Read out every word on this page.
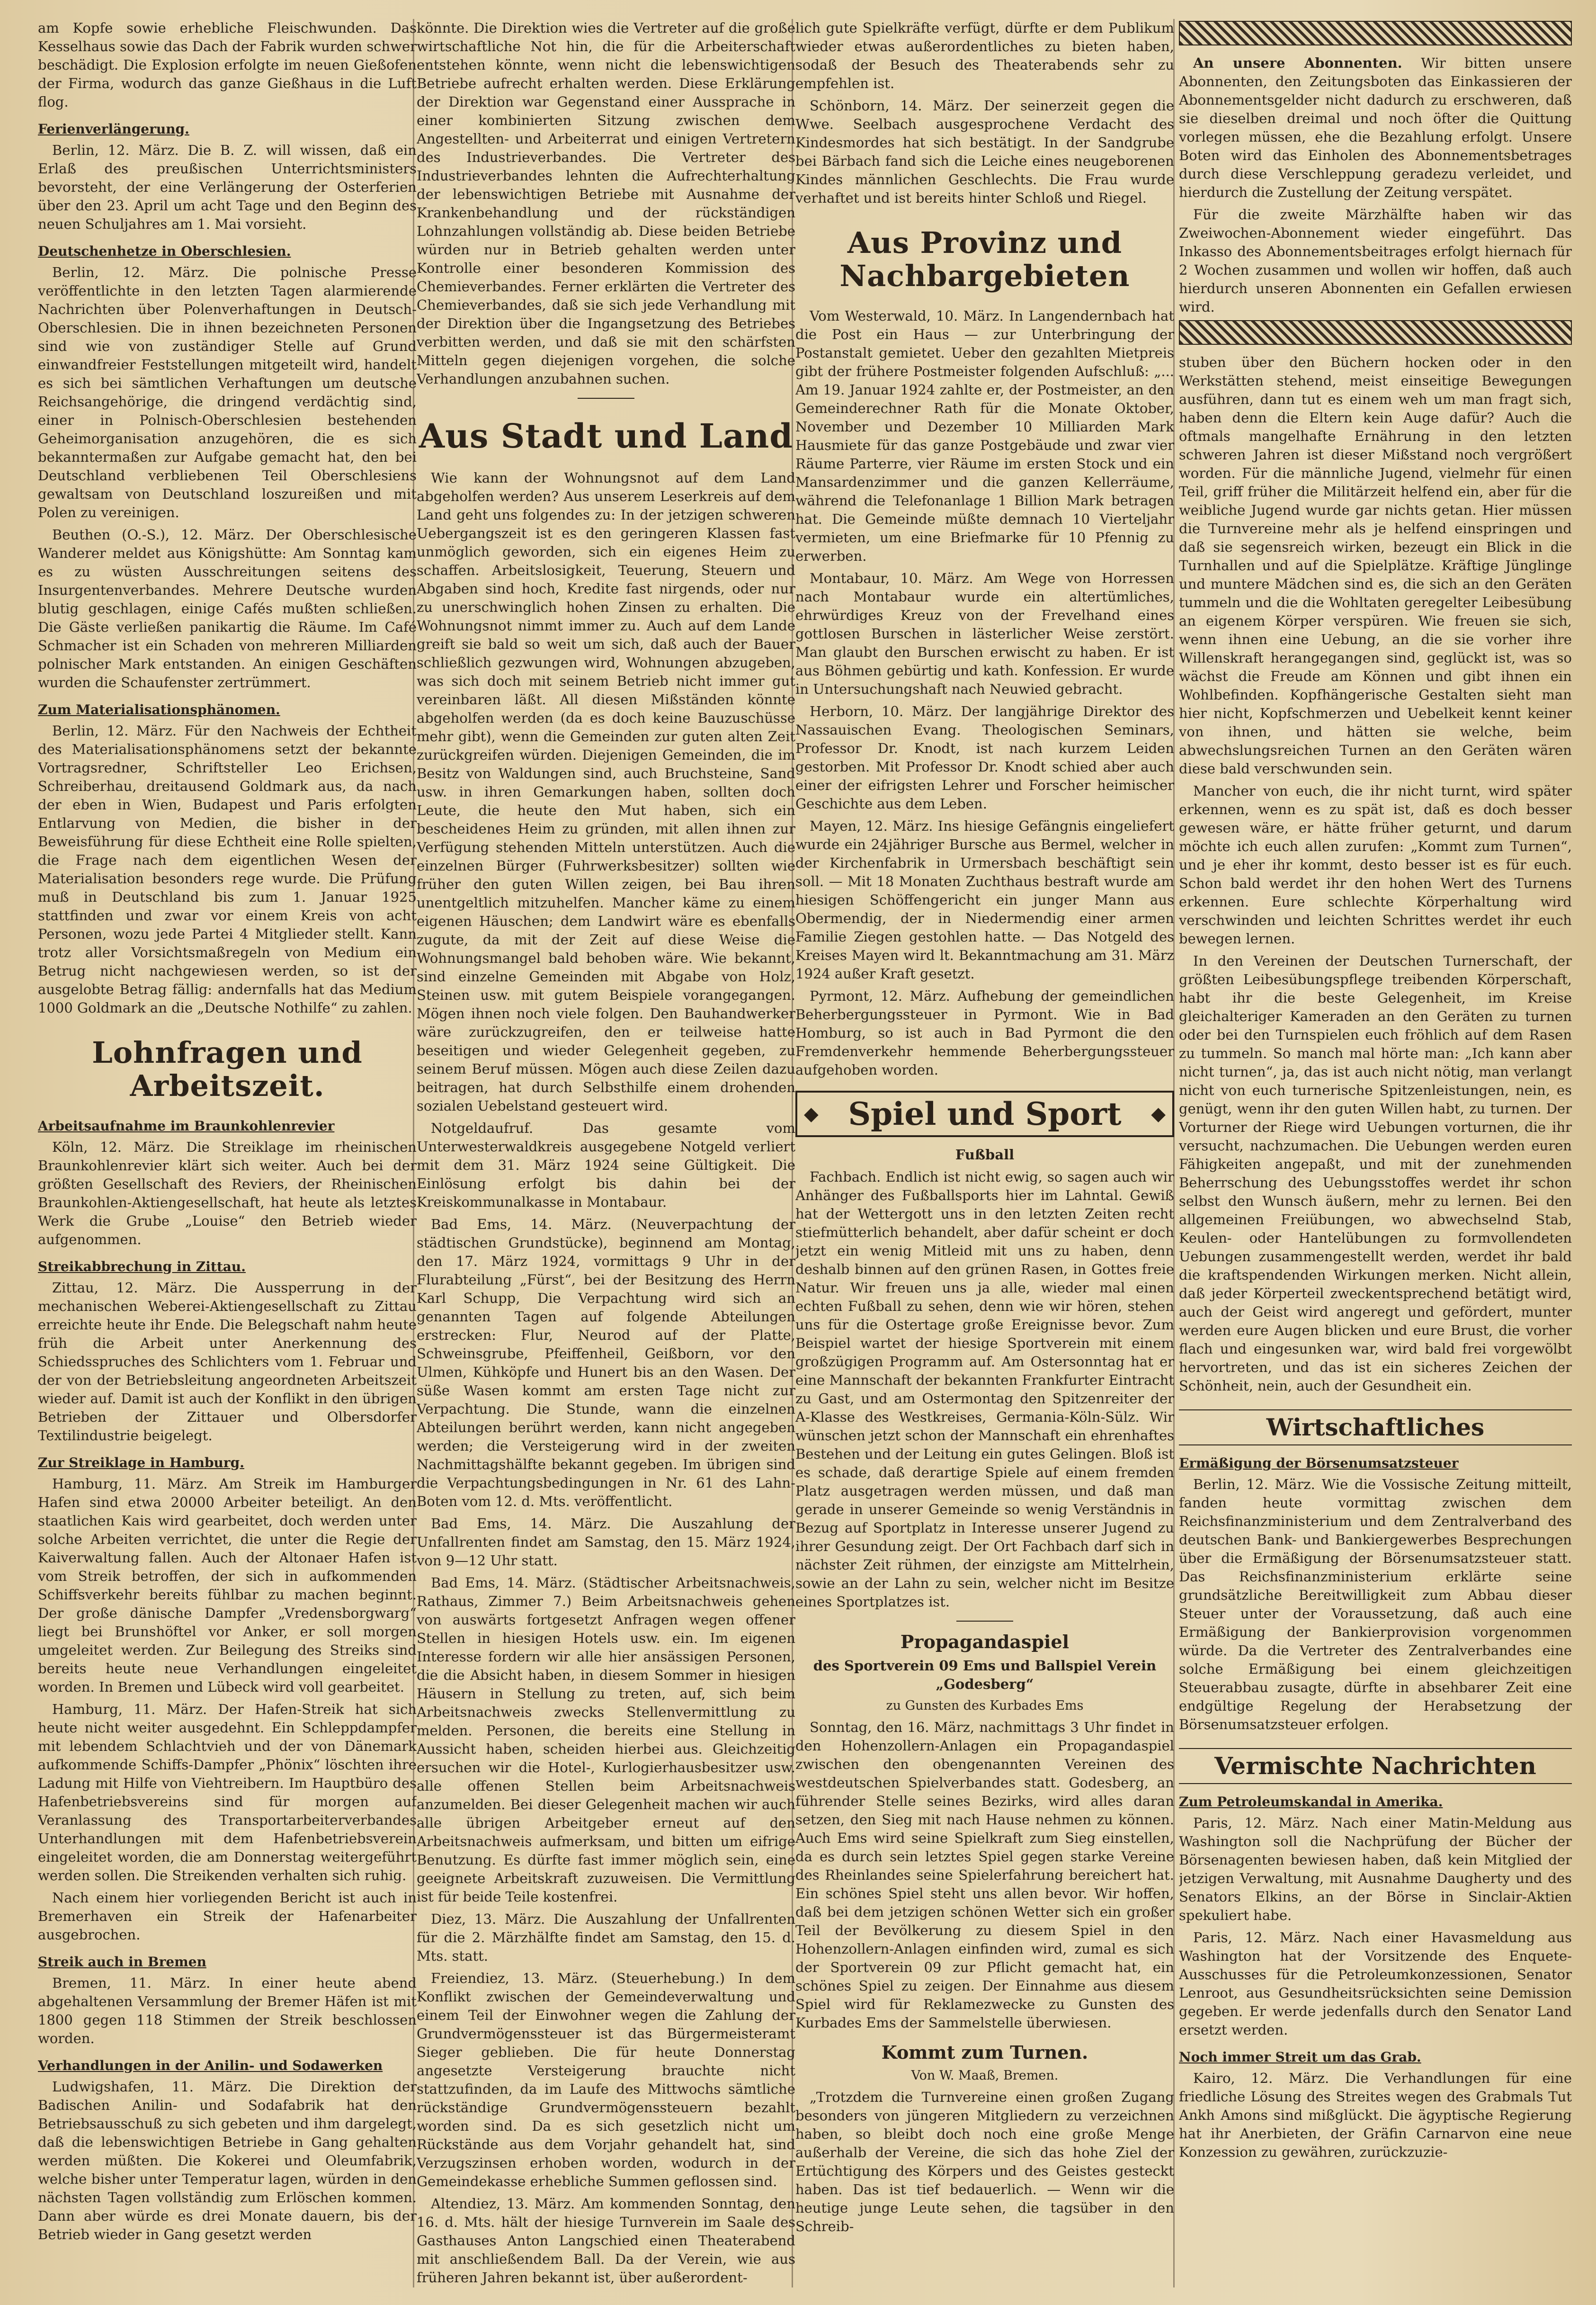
am Kopfe sowie erhebliche Fleischwunden. Das Kesselhaus sowie das Dach der Fabrik wurden schwer beschädigt. Die Explosion erfolgte im neuen Gießofen der Firma, wodurch das ganze Gießhaus in die Luft flog.

Ferienverlängerung.

Berlin, 12. März. Die B. Z. will wissen, daß ein Erlaß des preußischen Unterrichtsministers bevorsteht, der eine Verlängerung der Osterferien über den 23. April um acht Tage und den Beginn des neuen Schuljahres am 1. Mai vorsieht.

Deutschenhetze in Oberschlesien.

Berlin, 12. März. Die polnische Presse veröffentlichte in den letzten Tagen alarmierende Nachrichten über Polenverhaftungen in Deutsch-Oberschlesien. Die in ihnen bezeichneten Personen sind wie von zuständiger Stelle auf Grund einwandfreier Feststellungen mitgeteilt wird, handelt es sich bei sämtlichen Verhaftungen um deutsche Reichsangehörige, die dringend verdächtig sind, einer in Polnisch-Oberschlesien bestehenden Geheimorganisation anzugehören, die es sich bekanntermaßen zur Aufgabe gemacht hat, den bei Deutschland verbliebenen Teil Oberschlesiens gewaltsam von Deutschland loszureißen und mit Polen zu vereinigen.

Beuthen (O.-S.), 12. März. Der Oberschlesische Wanderer meldet aus Königshütte: Am Sonntag kam es zu wüsten Ausschreitungen seitens des Insurgentenverbandes. Mehrere Deutsche wurden blutig geschlagen, einige Cafés mußten schließen. Die Gäste verließen panikartig die Räume. Im Café Schmacher ist ein Schaden von mehreren Milliarden polnischer Mark entstanden. An einigen Geschäften wurden die Schaufenster zertrümmert.

Zum Materialisationsphänomen.

Berlin, 12. März. Für den Nachweis der Echtheit des Materialisationsphänomens setzt der bekannte Vortragsredner, Schriftsteller Leo Erichsen, Schreiberhau, dreitausend Goldmark aus, da nach der eben in Wien, Budapest und Paris erfolgten Entlarvung von Medien, die bisher in der Beweisführung für diese Echtheit eine Rolle spielten, die Frage nach dem eigentlichen Wesen der Materialisation besonders rege wurde. Die Prüfung muß in Deutschland bis zum 1. Januar 1925 stattfinden und zwar vor einem Kreis von acht Personen, wozu jede Partei 4 Mitglieder stellt. Kann trotz aller Vorsichtsmaßregeln von Medium ein Betrug nicht nachgewiesen werden, so ist der ausgelobte Betrag fällig: andernfalls hat das Medium 1000 Goldmark an die „Deutsche Nothilfe“ zu zahlen.

Lohnfragen und Arbeitszeit.

Arbeitsaufnahme im Braunkohlenrevier

Köln, 12. März. Die Streiklage im rheinischen Braunkohlenrevier klärt sich weiter. Auch bei der größten Gesellschaft des Reviers, der Rheinischen Braunkohlen-Aktiengesellschaft, hat heute als letztes Werk die Grube „Louise“ den Betrieb wieder aufgenommen.

Streikabbrechung in Zittau.

Zittau, 12. März. Die Aussperrung in der mechanischen Weberei-Aktiengesellschaft zu Zittau erreichte heute ihr Ende. Die Belegschaft nahm heute früh die Arbeit unter Anerkennung des Schiedsspruches des Schlichters vom 1. Februar und der von der Betriebsleitung angeordneten Arbeitszeit wieder auf. Damit ist auch der Konflikt in den übrigen Betrieben der Zittauer und Olbersdorfer Textilindustrie beigelegt.

Zur Streiklage in Hamburg.

Hamburg, 11. März. Am Streik im Hamburger Hafen sind etwa 20000 Arbeiter beteiligt. An den staatlichen Kais wird gearbeitet, doch werden unter solche Arbeiten verrichtet, die unter die Regie der Kaiverwaltung fallen. Auch der Altonaer Hafen ist vom Streik betroffen, der sich in aufkommenden Schiffsverkehr bereits fühlbar zu machen beginnt. Der große dänische Dampfer „Vredensborgwarg“ liegt bei Brunshöftel vor Anker, er soll morgen umgeleitet werden. Zur Beilegung des Streiks sind bereits heute neue Verhandlungen eingeleitet worden. In Bremen und Lübeck wird voll gearbeitet.

Hamburg, 11. März. Der Hafen-Streik hat sich heute nicht weiter ausgedehnt. Ein Schleppdampfer mit lebendem Schlachtvieh und der von Dänemark aufkommende Schiffs-Dampfer „Phönix“ löschten ihre Ladung mit Hilfe von Viehtreibern. Im Hauptbüro des Hafenbetriebsvereins sind für morgen auf Veranlassung des Transportarbeiterverbandes Unterhandlungen mit dem Hafenbetriebsverein eingeleitet worden, die am Donnerstag weitergeführt werden sollen. Die Streikenden verhalten sich ruhig.

Nach einem hier vorliegenden Bericht ist auch in Bremerhaven ein Streik der Hafenarbeiter ausgebrochen.

Streik auch in Bremen

Bremen, 11. März. In einer heute abend abgehaltenen Versammlung der Bremer Häfen ist mit 1800 gegen 118 Stimmen der Streik beschlossen worden.

Verhandlungen in der Anilin- und Sodawerken

Ludwigshafen, 11. März. Die Direktion der Badischen Anilin- und Sodafabrik hat den Betriebsausschuß zu sich gebeten und ihm dargelegt, daß die lebenswichtigen Betriebe in Gang gehalten werden müßten. Die Kokerei und Oleumfabrik, welche bisher unter Temperatur lagen, würden in den nächsten Tagen vollständig zum Erlöschen kommen. Dann aber würde es drei Monate dauern, bis der Betrieb wieder in Gang gesetzt werden

könnte. Die Direktion wies die Vertreter auf die große wirtschaftliche Not hin, die für die Arbeiterschaft entstehen könnte, wenn nicht die lebenswichtigen Betriebe aufrecht erhalten werden. Diese Erklärung der Direktion war Gegenstand einer Aussprache in einer kombinierten Sitzung zwischen dem Angestellten- und Arbeiterrat und einigen Vertretern des Industrieverbandes. Die Vertreter des Industrieverbandes lehnten die Aufrechterhaltung der lebenswichtigen Betriebe mit Ausnahme der Krankenbehandlung und der rückständigen Lohnzahlungen vollständig ab. Diese beiden Betriebe würden nur in Betrieb gehalten werden unter Kontrolle einer besonderen Kommission des Chemieverbandes. Ferner erklärten die Vertreter des Chemieverbandes, daß sie sich jede Verhandlung mit der Direktion über die Ingangsetzung des Betriebes verbitten werden, und daß sie mit den schärfsten Mitteln gegen diejenigen vorgehen, die solche Verhandlungen anzubahnen suchen.

Aus Stadt und Land

Wie kann der Wohnungsnot auf dem Land abgeholfen werden? Aus unserem Leserkreis auf dem Land geht uns folgendes zu: In der jetzigen schweren Uebergangszeit ist es den geringeren Klassen fast unmöglich geworden, sich ein eigenes Heim zu schaffen. Arbeitslosigkeit, Teuerung, Steuern und Abgaben sind hoch, Kredite fast nirgends, oder nur zu unerschwinglich hohen Zinsen zu erhalten. Die Wohnungsnot nimmt immer zu. Auch auf dem Lande greift sie bald so weit um sich, daß auch der Bauer schließlich gezwungen wird, Wohnungen abzugeben, was sich doch mit seinem Betrieb nicht immer gut vereinbaren läßt. All diesen Mißständen könnte abgeholfen werden (da es doch keine Bauzuschüsse mehr gibt), wenn die Gemeinden zur guten alten Zeit zurückgreifen würden. Diejenigen Gemeinden, die im Besitz von Waldungen sind, auch Bruchsteine, Sand usw. in ihren Gemarkungen haben, sollten doch Leute, die heute den Mut haben, sich ein bescheidenes Heim zu gründen, mit allen ihnen zur Verfügung stehenden Mitteln unterstützen. Auch die einzelnen Bürger (Fuhrwerksbesitzer) sollten wie früher den guten Willen zeigen, bei Bau ihren unentgeltlich mitzuhelfen. Mancher käme zu einem eigenen Häuschen; dem Landwirt wäre es ebenfalls zugute, da mit der Zeit auf diese Weise die Wohnungsmangel bald behoben wäre. Wie bekannt, sind einzelne Gemeinden mit Abgabe von Holz, Steinen usw. mit gutem Beispiele vorangegangen. Mögen ihnen noch viele folgen. Den Bauhandwerker wäre zurückzugreifen, den er teilweise hatte beseitigen und wieder Gelegenheit gegeben, zu seinem Beruf müssen. Mögen auch diese Zeilen dazu beitragen, hat durch Selbsthilfe einem drohenden sozialen Uebelstand gesteuert wird.

Notgeldaufruf. Das gesamte vom Unterwesterwaldkreis ausgegebene Notgeld verliert mit dem 31. März 1924 seine Gültigkeit. Die Einlösung erfolgt bis dahin bei der Kreiskommunalkasse in Montabaur.

Bad Ems, 14. März. (Neuverpachtung der städtischen Grundstücke), beginnend am Montag, den 17. März 1924, vormittags 9 Uhr in der Flurabteilung „Fürst“, bei der Besitzung des Herrn Karl Schupp, Die Verpachtung wird sich an genannten Tagen auf folgende Abteilungen erstrecken: Flur, Neurod auf der Platte, Schweinsgrube, Pfeiffenheil, Geißborn, vor den Ulmen, Kühköpfe und Hunert bis an den Wasen. Der süße Wasen kommt am ersten Tage nicht zur Verpachtung. Die Stunde, wann die einzelnen Abteilungen berührt werden, kann nicht angegeben werden; die Versteigerung wird in der zweiten Nachmittagshälfte bekannt gegeben. Im übrigen sind die Verpachtungsbedingungen in Nr. 61 des Lahn-Boten vom 12. d. Mts. veröffentlicht.

Bad Ems, 14. März. Die Auszahlung der Unfallrenten findet am Samstag, den 15. März 1924, von 9—12 Uhr statt.

Bad Ems, 14. März. (Städtischer Arbeitsnachweis, Rathaus, Zimmer 7.) Beim Arbeitsnachweis gehen von auswärts fortgesetzt Anfragen wegen offener Stellen in hiesigen Hotels usw. ein. Im eigenen Interesse fordern wir alle hier ansässigen Personen, die die Absicht haben, in diesem Sommer in hiesigen Häusern in Stellung zu treten, auf, sich beim Arbeitsnachweis zwecks Stellenvermittlung zu melden. Personen, die bereits eine Stellung in Aussicht haben, scheiden hierbei aus. Gleichzeitig ersuchen wir die Hotel-, Kurlogierhausbesitzer usw. alle offenen Stellen beim Arbeitsnachweis anzumelden. Bei dieser Gelegenheit machen wir auch alle übrigen Arbeitgeber erneut auf den Arbeitsnachweis aufmerksam, und bitten um eifrige Benutzung. Es dürfte fast immer möglich sein, eine geeignete Arbeitskraft zuzuweisen. Die Vermittlung ist für beide Teile kostenfrei.

Diez, 13. März. Die Auszahlung der Unfallrenten für die 2. Märzhälfte findet am Samstag, den 15. d. Mts. statt.

Freiendiez, 13. März. (Steuerhebung.) In dem Konflikt zwischen der Gemeindeverwaltung und einem Teil der Einwohner wegen die Zahlung der Grundvermögenssteuer ist das Bürgermeisteramt Sieger geblieben. Die für heute Donnerstag angesetzte Versteigerung brauchte nicht stattzufinden, da im Laufe des Mittwochs sämtliche rückständige Grundvermögenssteuern bezahlt worden sind. Da es sich gesetzlich nicht um Rückstände aus dem Vorjahr gehandelt hat, sind Verzugszinsen erhoben worden, wodurch in der Gemeindekasse erhebliche Summen geflossen sind.

Altendiez, 13. März. Am kommenden Sonntag, den 16. d. Mts. hält der hiesige Turnverein im Saale des Gasthauses Anton Langschied einen Theaterabend mit anschließendem Ball. Da der Verein, wie aus früheren Jahren bekannt ist, über außerordent-

lich gute Spielkräfte verfügt, dürfte er dem Publikum wieder etwas außerordentliches zu bieten haben, sodaß der Besuch des Theaterabends sehr zu empfehlen ist.

Schönborn, 14. März. Der seinerzeit gegen die Wwe. Seelbach ausgesprochene Verdacht des Kindesmordes hat sich bestätigt. In der Sandgrube bei Bärbach fand sich die Leiche eines neugeborenen Kindes männlichen Geschlechts. Die Frau wurde verhaftet und ist bereits hinter Schloß und Riegel.

Aus Provinz und Nachbargebieten

Vom Westerwald, 10. März. In Langendernbach hat die Post ein Haus — zur Unterbringung der Postanstalt gemietet. Ueber den gezahlten Mietpreis gibt der frühere Postmeister folgenden Aufschluß: „... Am 19. Januar 1924 zahlte er, der Postmeister, an den Gemeinderechner Rath für die Monate Oktober, November und Dezember 10 Milliarden Mark Hausmiete für das ganze Postgebäude und zwar vier Räume Parterre, vier Räume im ersten Stock und ein Mansardenzimmer und die ganzen Kellerräume, während die Telefonanlage 1 Billion Mark betragen hat. Die Gemeinde müßte demnach 10 Vierteljahr vermieten, um eine Briefmarke für 10 Pfennig zu erwerben.

Montabaur, 10. März. Am Wege von Horressen nach Montabaur wurde ein altertümliches, ehrwürdiges Kreuz von der Frevelhand eines gottlosen Burschen in lästerlicher Weise zerstört. Man glaubt den Burschen erwischt zu haben. Er ist aus Böhmen gebürtig und kath. Konfession. Er wurde in Untersuchungshaft nach Neuwied gebracht.

Herborn, 10. März. Der langjährige Direktor des Nassauischen Evang. Theologischen Seminars, Professor Dr. Knodt, ist nach kurzem Leiden gestorben. Mit Professor Dr. Knodt schied aber auch einer der eifrigsten Lehrer und Forscher heimischer Geschichte aus dem Leben.

Mayen, 12. März. Ins hiesige Gefängnis eingeliefert wurde ein 24jähriger Bursche aus Bermel, welcher in der Kirchenfabrik in Urmersbach beschäftigt sein soll. — Mit 18 Monaten Zuchthaus bestraft wurde am hiesigen Schöffengericht ein junger Mann aus Obermendig, der in Niedermendig einer armen Familie Ziegen gestohlen hatte. — Das Notgeld des Kreises Mayen wird lt. Bekanntmachung am 31. März 1924 außer Kraft gesetzt.

Pyrmont, 12. März. Aufhebung der gemeindlichen Beherbergungssteuer in Pyrmont. Wie in Bad Homburg, so ist auch in Bad Pyrmont die den Fremdenverkehr hemmende Beherbergungssteuer aufgehoben worden.

◆ Spiel und Sport ◆

Fußball

Fachbach. Endlich ist nicht ewig, so sagen auch wir Anhänger des Fußballsports hier im Lahntal. Gewiß hat der Wettergott uns in den letzten Zeiten recht stiefmütterlich behandelt, aber dafür scheint er doch jetzt ein wenig Mitleid mit uns zu haben, denn deshalb binnen auf den grünen Rasen, in Gottes freie Natur. Wir freuen uns ja alle, wieder mal einen echten Fußball zu sehen, denn wie wir hören, stehen uns für die Ostertage große Ereignisse bevor. Zum Beispiel wartet der hiesige Sportverein mit einem großzügigen Programm auf. Am Ostersonntag hat er eine Mannschaft der bekannten Frankfurter Eintracht zu Gast, und am Ostermontag den Spitzenreiter der A-Klasse des Westkreises, Germania-Köln-Sülz. Wir wünschen jetzt schon der Mannschaft ein ehrenhaftes Bestehen und der Leitung ein gutes Gelingen. Bloß ist es schade, daß derartige Spiele auf einem fremden Platz ausgetragen werden müssen, und daß man gerade in unserer Gemeinde so wenig Verständnis in Bezug auf Sportplatz in Interesse unserer Jugend zu ihrer Gesundung zeigt. Der Ort Fachbach darf sich in nächster Zeit rühmen, der einzigste am Mittelrhein, sowie an der Lahn zu sein, welcher nicht im Besitze eines Sportplatzes ist.

Propagandaspiel

des Sportverein 09 Ems und Ballspiel Verein „Godesberg“

zu Gunsten des Kurbades Ems

Sonntag, den 16. März, nachmittags 3 Uhr findet in den Hohenzollern-Anlagen ein Propagandaspiel zwischen den obengenannten Vereinen des westdeutschen Spielverbandes statt. Godesberg, an führender Stelle seines Bezirks, wird alles daran setzen, den Sieg mit nach Hause nehmen zu können. Auch Ems wird seine Spielkraft zum Sieg einstellen, da es durch sein letztes Spiel gegen starke Vereine des Rheinlandes seine Spielerfahrung bereichert hat. Ein schönes Spiel steht uns allen bevor. Wir hoffen, daß bei dem jetzigen schönen Wetter sich ein großer Teil der Bevölkerung zu diesem Spiel in den Hohenzollern-Anlagen einfinden wird, zumal es sich der Sportverein 09 zur Pflicht gemacht hat, ein schönes Spiel zu zeigen. Der Einnahme aus diesem Spiel wird für Reklamezwecke zu Gunsten des Kurbades Ems der Sammelstelle überwiesen.

Kommt zum Turnen.

Von W. Maaß, Bremen.

„Trotzdem die Turnvereine einen großen Zugang besonders von jüngeren Mitgliedern zu verzeichnen haben, so bleibt doch noch eine große Menge außerhalb der Vereine, die sich das hohe Ziel der Ertüchtigung des Körpers und des Geistes gesteckt haben. Das ist tief bedauerlich. — Wenn wir die heutige junge Leute sehen, die tagsüber in den Schreib-

An unsere Abonnenten. Wir bitten unsere Abonnenten, den Zeitungsboten das Einkassieren der Abonnementsgelder nicht dadurch zu erschweren, daß sie dieselben dreimal und noch öfter die Quittung vorlegen müssen, ehe die Bezahlung erfolgt. Unsere Boten wird das Einholen des Abonnementsbetrages durch diese Verschleppung geradezu verleidet, und hierdurch die Zustellung der Zeitung verspätet.

Für die zweite Märzhälfte haben wir das Zweiwochen-Abonnement wieder eingeführt. Das Inkasso des Abonnementsbeitrages erfolgt hiernach für 2 Wochen zusammen und wollen wir hoffen, daß auch hierdurch unseren Abonnenten ein Gefallen erwiesen wird.

stuben über den Büchern hocken oder in den Werkstätten stehend, meist einseitige Bewegungen ausführen, dann tut es einem weh um man fragt sich, haben denn die Eltern kein Auge dafür? Auch die oftmals mangelhafte Ernährung in den letzten schweren Jahren ist dieser Mißstand noch vergrößert worden. Für die männliche Jugend, vielmehr für einen Teil, griff früher die Militärzeit helfend ein, aber für die weibliche Jugend wurde gar nichts getan. Hier müssen die Turnvereine mehr als je helfend einspringen und daß sie segensreich wirken, bezeugt ein Blick in die Turnhallen und auf die Spielplätze. Kräftige Jünglinge und muntere Mädchen sind es, die sich an den Geräten tummeln und die die Wohltaten geregelter Leibesübung an eigenem Körper verspüren. Wie freuen sie sich, wenn ihnen eine Uebung, an die sie vorher ihre Willenskraft herangegangen sind, geglückt ist, was so wächst die Freude am Können und gibt ihnen ein Wohlbefinden. Kopfhängerische Gestalten sieht man hier nicht, Kopfschmerzen und Uebelkeit kennt keiner von ihnen, und hätten sie welche, beim abwechslungsreichen Turnen an den Geräten wären diese bald verschwunden sein.

Mancher von euch, die ihr nicht turnt, wird später erkennen, wenn es zu spät ist, daß es doch besser gewesen wäre, er hätte früher geturnt, und darum möchte ich euch allen zurufen: „Kommt zum Turnen“, und je eher ihr kommt, desto besser ist es für euch. Schon bald werdet ihr den hohen Wert des Turnens erkennen. Eure schlechte Körperhaltung wird verschwinden und leichten Schrittes werdet ihr euch bewegen lernen.

In den Vereinen der Deutschen Turnerschaft, der größten Leibesübungspflege treibenden Körperschaft, habt ihr die beste Gelegenheit, im Kreise gleichalteriger Kameraden an den Geräten zu turnen oder bei den Turnspielen euch fröhlich auf dem Rasen zu tummeln. So manch mal hörte man: „Ich kann aber nicht turnen“, ja, das ist auch nicht nötig, man verlangt nicht von euch turnerische Spitzenleistungen, nein, es genügt, wenn ihr den guten Willen habt, zu turnen. Der Vorturner der Riege wird Uebungen vorturnen, die ihr versucht, nachzumachen. Die Uebungen werden euren Fähigkeiten angepaßt, und mit der zunehmenden Beherrschung des Uebungsstoffes werdet ihr schon selbst den Wunsch äußern, mehr zu lernen. Bei den allgemeinen Freiübungen, wo abwechselnd Stab, Keulen- oder Hantelübungen zu formvollendeten Uebungen zusammengestellt werden, werdet ihr bald die kraftspendenden Wirkungen merken. Nicht allein, daß jeder Körperteil zweckentsprechend betätigt wird, auch der Geist wird angeregt und gefördert, munter werden eure Augen blicken und eure Brust, die vorher flach und eingesunken war, wird bald frei vorgewölbt hervortreten, und das ist ein sicheres Zeichen der Schönheit, nein, auch der Gesundheit ein.

Wirtschaftliches

Ermäßigung der Börsenumsatzsteuer

Berlin, 12. März. Wie die Vossische Zeitung mitteilt, fanden heute vormittag zwischen dem Reichsfinanzministerium und dem Zentralverband des deutschen Bank- und Bankiergewerbes Besprechungen über die Ermäßigung der Börsenumsatzsteuer statt. Das Reichsfinanzministerium erklärte seine grundsätzliche Bereitwilligkeit zum Abbau dieser Steuer unter der Voraussetzung, daß auch eine Ermäßigung der Bankierprovision vorgenommen würde. Da die Vertreter des Zentralverbandes eine solche Ermäßigung bei einem gleichzeitigen Steuerabbau zusagte, dürfte in absehbarer Zeit eine endgültige Regelung der Herabsetzung der Börsenumsatzsteuer erfolgen.

Vermischte Nachrichten

Zum Petroleumskandal in Amerika.

Paris, 12. März. Nach einer Matin-Meldung aus Washington soll die Nachprüfung der Bücher der Börsenagenten bewiesen haben, daß kein Mitglied der jetzigen Verwaltung, mit Ausnahme Daugherty und des Senators Elkins, an der Börse in Sinclair-Aktien spekuliert habe.

Paris, 12. März. Nach einer Havasmeldung aus Washington hat der Vorsitzende des Enquete-Ausschusses für die Petroleumkonzessionen, Senator Lenroot, aus Gesundheitsrücksichten seine Demission gegeben. Er werde jedenfalls durch den Senator Land ersetzt werden.

Noch immer Streit um das Grab.

Kairo, 12. März. Die Verhandlungen für eine friedliche Lösung des Streites wegen des Grabmals Tut Ankh Amons sind mißglückt. Die ägyptische Regierung hat ihr Anerbieten, der Gräfin Carnarvon eine neue Konzession zu gewähren, zurückzuzie-
